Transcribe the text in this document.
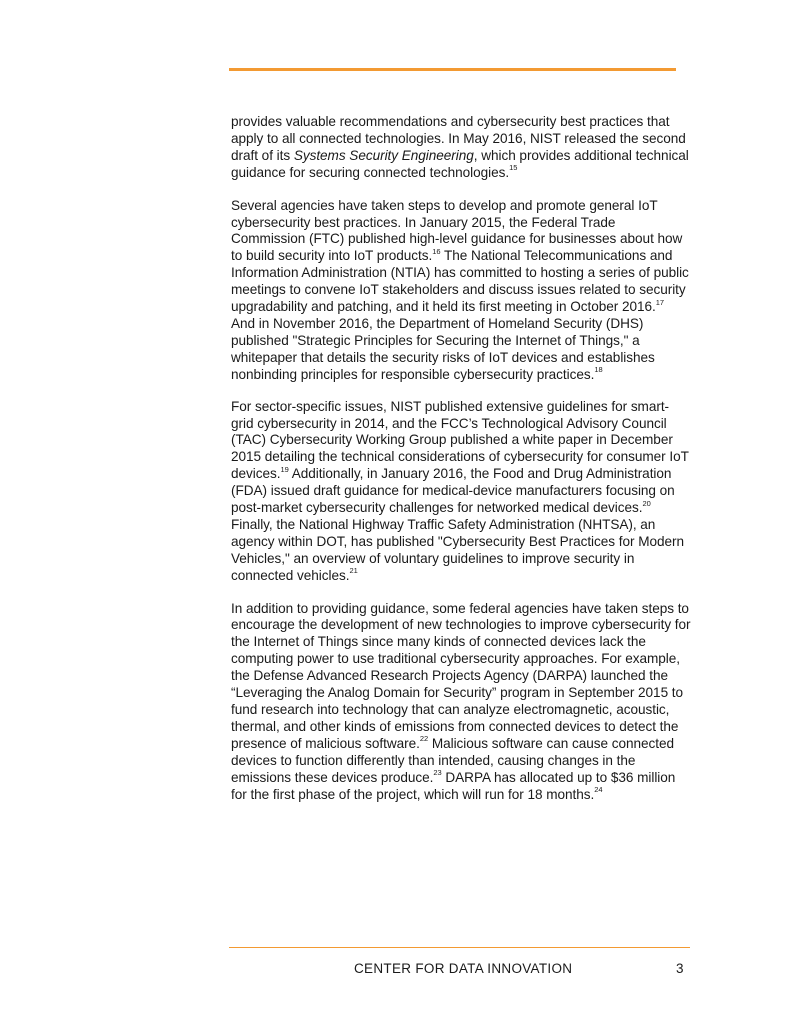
provides valuable recommendations and cybersecurity best practices that apply to all connected technologies. In May 2016, NIST released the second draft of its Systems Security Engineering, which provides additional technical guidance for securing connected technologies.$^{15}$

Several agencies have taken steps to develop and promote general IoT cybersecurity best practices. In January 2015, the Federal Trade Commission (FTC) published high-level guidance for businesses about how to build security into IoT products.$^{16}$ The National Telecommunications and Information Administration (NTIA) has committed to hosting a series of public meetings to convene IoT stakeholders and discuss issues related to security upgradability and patching, and it held its first meeting in October 2016.17 And in November 2016, the Department of Homeland Security (DHS) published "Strategic Principles for Securing the Internet of Things," a whitepaper that details the security risks of IoT devices and establishes nonbinding principles for responsible cybersecurity practices.$^{18}$

For sector-specific issues, NIST published extensive guidelines for smart-grid cybersecurity in 2014, and the FCC’s Technological Advisory Council (TAC) Cybersecurity Working Group published a white paper in December 2015 detailing the technical considerations of cybersecurity for consumer IoT devices.$^{19}$ Additionally, in January 2016, the Food and Drug Administration (FDA) issued draft guidance for medical-device manufacturers focusing on post-market cybersecurity challenges for networked medical devices.$^{20}$ Finally, the National Highway Traffic Safety Administration (NHTSA), an agency within DOT, has published "Cybersecurity Best Practices for Modern Vehicles," an overview of voluntary guidelines to improve security in connected vehicles.$^{21}$

In addition to providing guidance, some federal agencies have taken steps to encourage the development of new technologies to improve cybersecurity for the Internet of Things since many kinds of connected devices lack the computing power to use traditional cybersecurity approaches. For example, the Defense Advanced Research Projects Agency (DARPA) launched the “Leveraging the Analog Domain for Security” program in September 2015 to fund research into technology that can analyze electromagnetic, acoustic, thermal, and other kinds of emissions from connected devices to detect the presence of malicious software.$^{22}$ Malicious software can cause connected devices to function differently than intended, causing changes in the emissions these devices produce.$^{23}$ DARPA has allocated up to $36 million for the first phase of the project, which will run for 18 months.$^{24}$

CENTER FOR DATA INNOVATION	3
